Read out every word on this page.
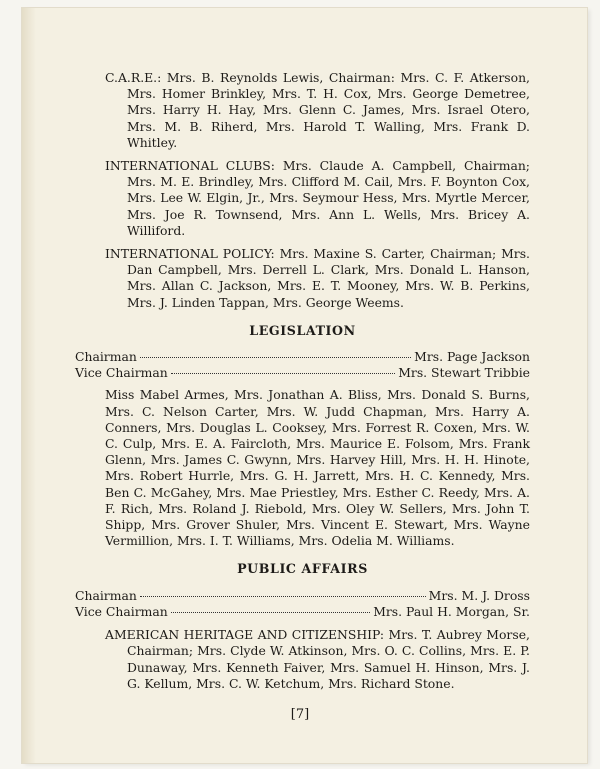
C.A.R.E.: Mrs. B. Reynolds Lewis, Chairman: Mrs. C. F. Atkerson, Mrs. Homer Brinkley, Mrs. T. H. Cox, Mrs. George Demetree, Mrs. Harry H. Hay, Mrs. Glenn C. James, Mrs. Israel Otero, Mrs. M. B. Riherd, Mrs. Harold T. Walling, Mrs. Frank D. Whitley.

INTERNATIONAL CLUBS: Mrs. Claude A. Campbell, Chairman; Mrs. M. E. Brindley, Mrs. Clifford M. Cail, Mrs. F. Boynton Cox, Mrs. Lee W. Elgin, Jr., Mrs. Seymour Hess, Mrs. Myrtle Mercer, Mrs. Joe R. Townsend, Mrs. Ann L. Wells, Mrs. Bricey A. Williford.

INTERNATIONAL POLICY: Mrs. Maxine S. Carter, Chairman; Mrs. Dan Campbell, Mrs. Derrell L. Clark, Mrs. Donald L. Hanson, Mrs. Allan C. Jackson, Mrs. E. T. Mooney, Mrs. W. B. Perkins, Mrs. J. Linden Tappan, Mrs. George Weems.

LEGISLATION
Chairman	Mrs. Page Jackson
Vice Chairman	Mrs. Stewart Tribbie

Miss Mabel Armes, Mrs. Jonathan A. Bliss, Mrs. Donald S. Burns, Mrs. C. Nelson Carter, Mrs. W. Judd Chapman, Mrs. Harry A. Conners, Mrs. Douglas L. Cooksey, Mrs. Forrest R. Coxen, Mrs. W. C. Culp, Mrs. E. A. Faircloth, Mrs. Maurice E. Folsom, Mrs. Frank Glenn, Mrs. James C. Gwynn, Mrs. Harvey Hill, Mrs. H. H. Hinote, Mrs. Robert Hurrle, Mrs. G. H. Jarrett, Mrs. H. C. Kennedy, Mrs. Ben C. McGahey, Mrs. Mae Priestley, Mrs. Esther C. Reedy, Mrs. A. F. Rich, Mrs. Roland J. Riebold, Mrs. Oley W. Sellers, Mrs. John T. Shipp, Mrs. Grover Shuler, Mrs. Vincent E. Stewart, Mrs. Wayne Vermillion, Mrs. I. T. Williams, Mrs. Odelia M. Williams.

PUBLIC AFFAIRS
Chairman	Mrs. M. J. Dross
Vice Chairman	Mrs. Paul H. Morgan, Sr.

AMERICAN HERITAGE AND CITIZENSHIP: Mrs. T. Aubrey Morse, Chairman; Mrs. Clyde W. Atkinson, Mrs. O. C. Collins, Mrs. E. P. Dunaway, Mrs. Kenneth Faiver, Mrs. Samuel H. Hinson, Mrs. J. G. Kellum, Mrs. C. W. Ketchum, Mrs. Richard Stone.

[7]
